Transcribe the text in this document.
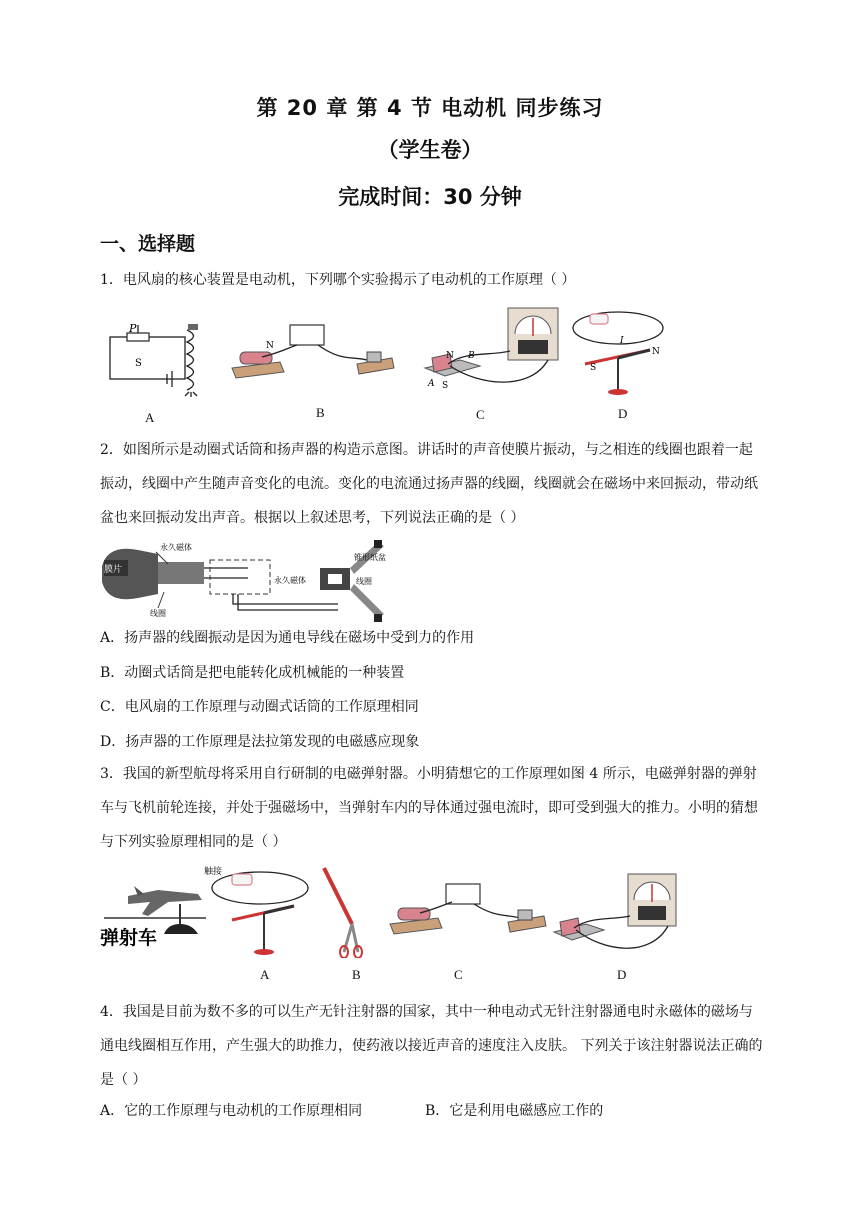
第 20 章 第 4 节 电动机 同步练习
（学生卷）
完成时间：30 分钟
一、选择题
1．电风扇的核心装置是电动机，下列哪个实验揭示了电动机的工作原理（ ）
P
S
N
N B
A S
S
N
I
A	B	C	D
2．如图所示是动圈式话筒和扬声器的构造示意图。讲话时的声音使膜片振动，与之相连的线圈也跟着一起振动，线圈中产生随声音变化的电流。变化的电流通过扬声器的线圈，线圈就会在磁场中来回振动，带动纸盆也来回振动发出声音。根据以上叙述思考，下列说法正确的是（ ）
膜片
永久磁体
线圈
永久磁体
锥形纸盆
线圈
A．扬声器的线圈振动是因为通电导线在磁场中受到力的作用
B．动圈式话筒是把电能转化成机械能的一种装置
C．电风扇的工作原理与动圈式话筒的工作原理相同
D．扬声器的工作原理是法拉第发现的电磁感应现象
3．我国的新型航母将采用自行研制的电磁弹射器。小明猜想它的工作原理如图 4 所示，电磁弹射器的弹射车与飞机前轮连接，并处于强磁场中，当弹射车内的导体通过强电流时，即可受到强大的推力。小明的猜想与下列实验原理相同的是（ ）
弹射车
触接
A	B	C	D
4．我国是目前为数不多的可以生产无针注射器的国家，其中一种电动式无针注射器通电时永磁体的磁场与通电线圈相互作用，产生强大的助推力，使药液以接近声音的速度注入皮肤。 下列关于该注射器说法正确的是（ ）
A．它的工作原理与电动机的工作原理相同	B．它是利用电磁感应工作的
